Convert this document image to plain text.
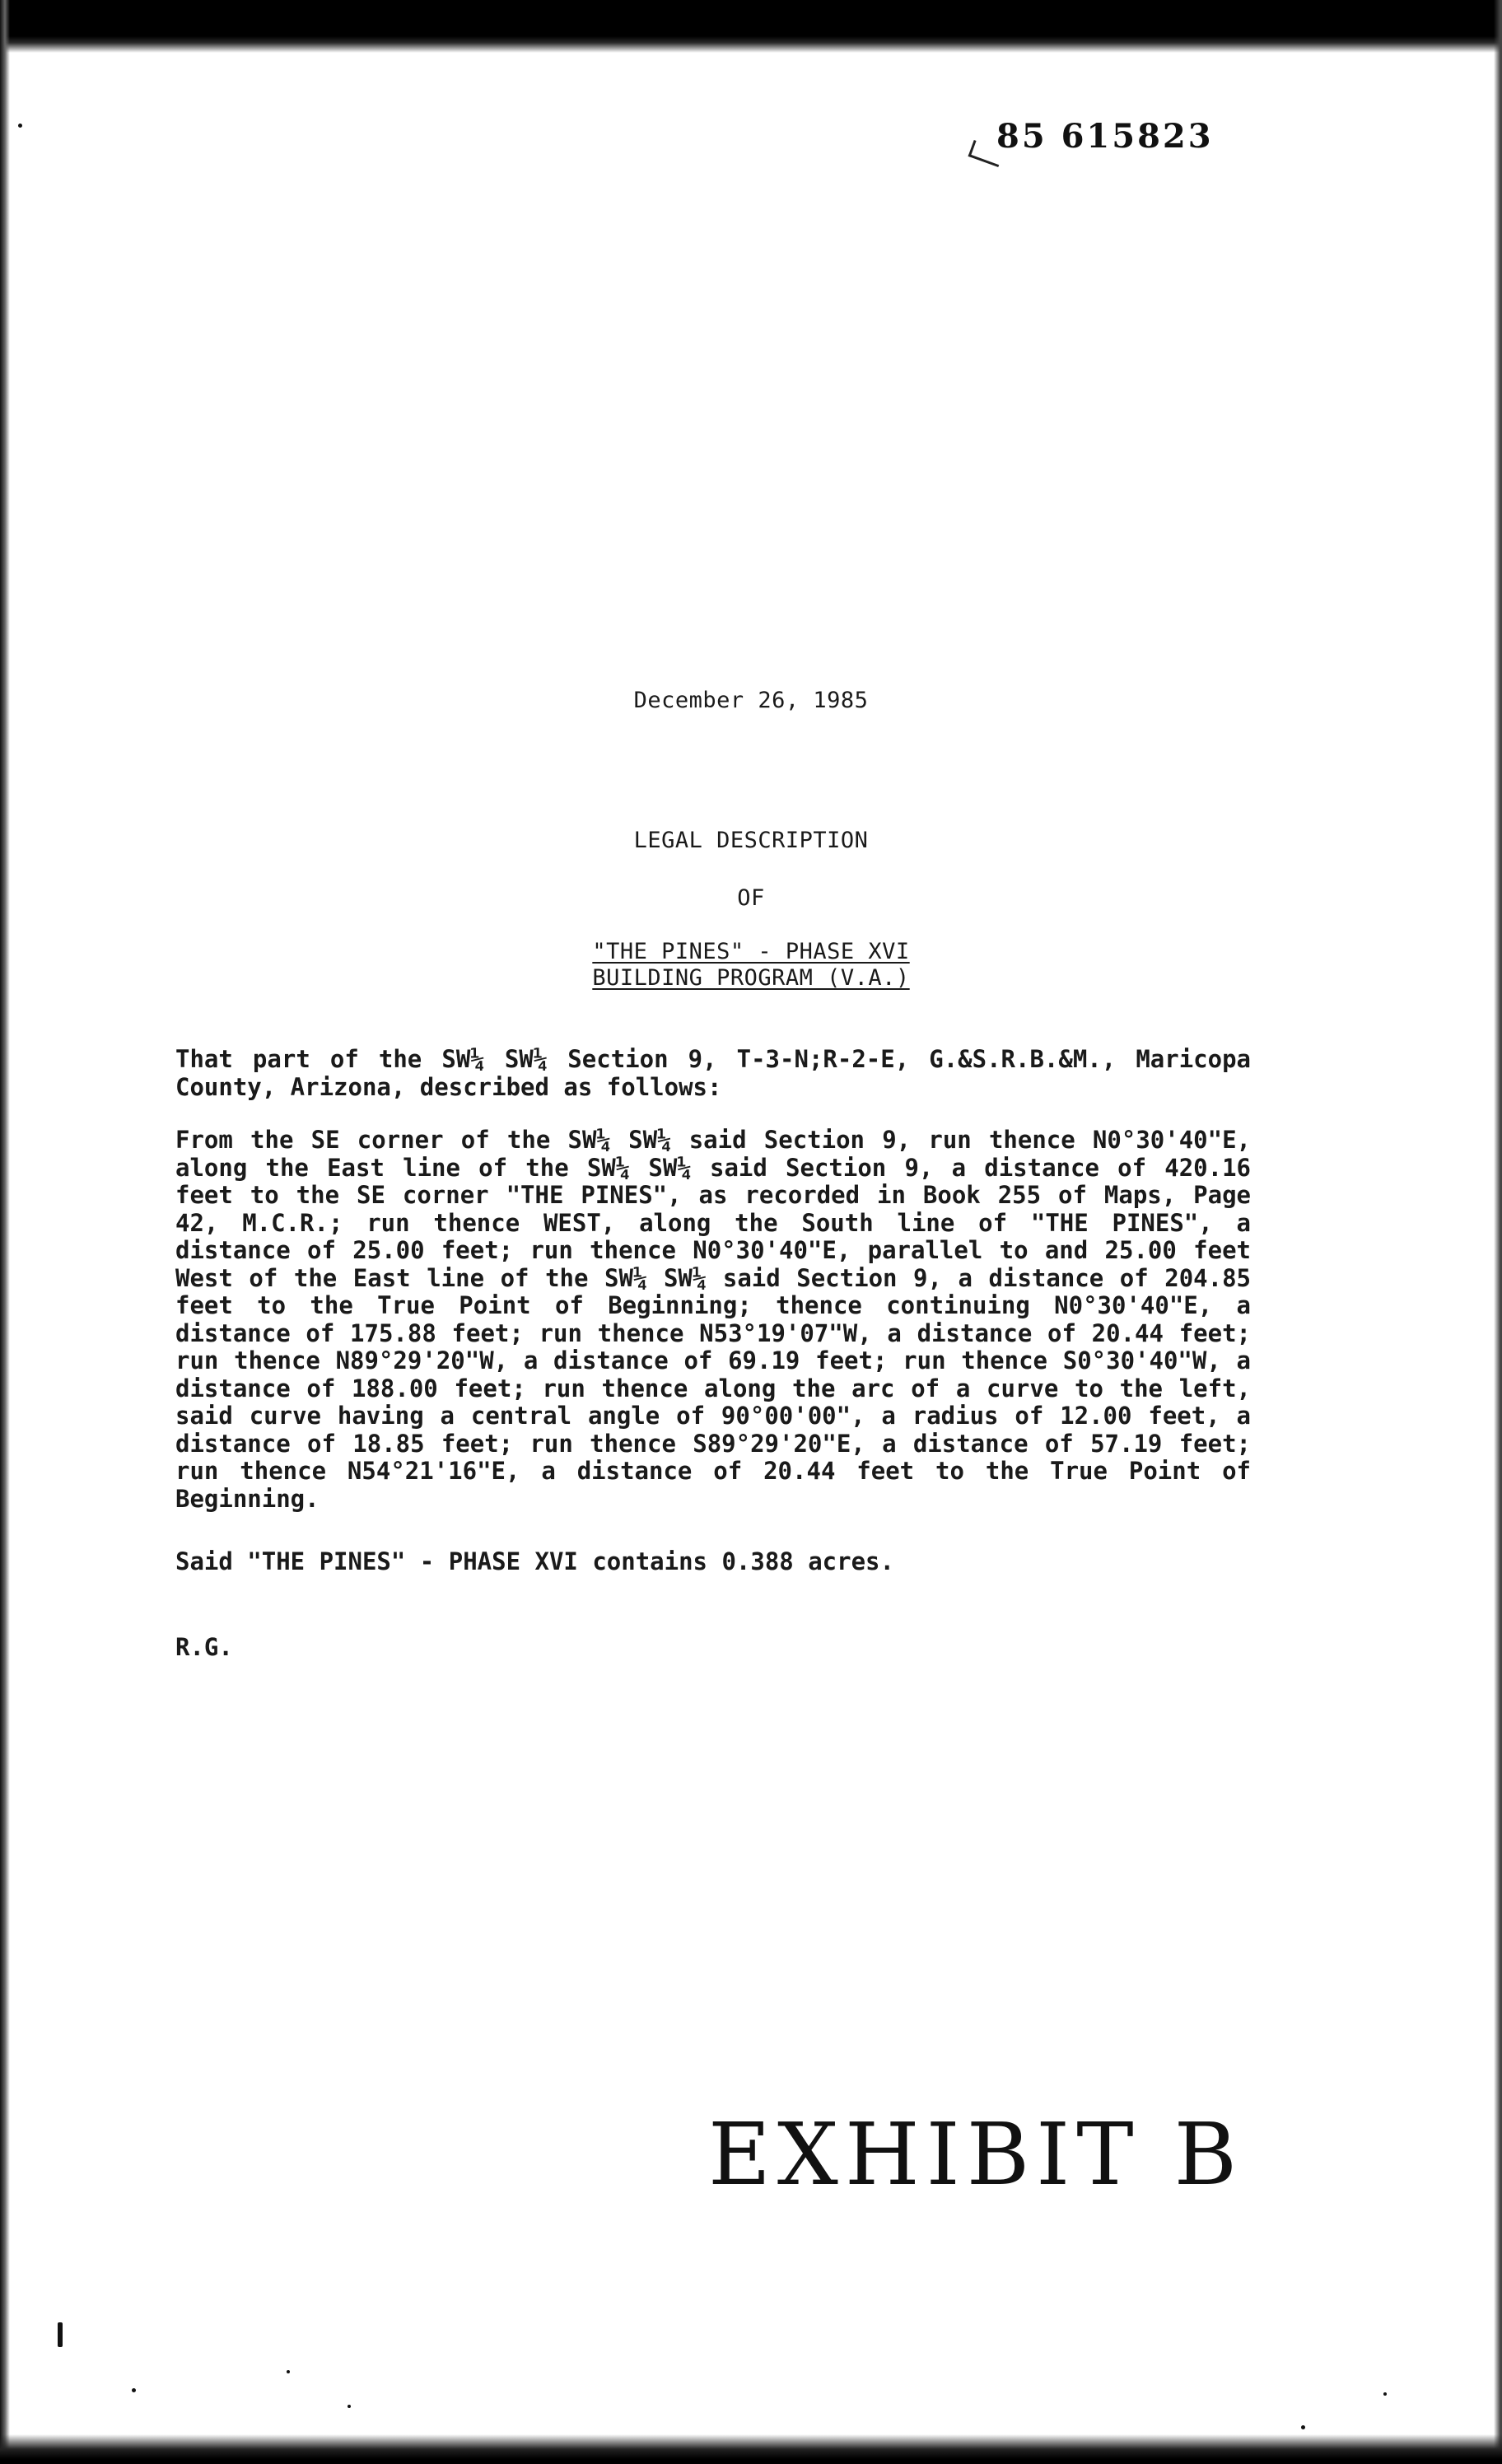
85 615823
December 26, 1985
LEGAL DESCRIPTION
OF
"THE PINES" - PHASE XVI
BUILDING PROGRAM (V.A.)
That part of the SW¼ SW¼ Section 9, T-3-N;R-2-E, G.&S.R.B.&M., Maricopa County, Arizona, described as follows:
From the SE corner of the SW¼ SW¼ said Section 9, run thence N0°30'40"E, along the East line of the SW¼ SW¼ said Section 9, a distance of 420.16 feet to the SE corner "THE PINES", as recorded in Book 255 of Maps, Page 42, M.C.R.; run thence WEST, along the South line of "THE PINES", a distance of 25.00 feet; run thence N0°30'40"E, parallel to and 25.00 feet West of the East line of the SW¼ SW¼ said Section 9, a distance of 204.85 feet to the True Point of Beginning; thence continuing N0°30'40"E, a distance of 175.88 feet; run thence N53°19'07"W, a distance of 20.44 feet; run thence N89°29'20"W, a distance of 69.19 feet; run thence S0°30'40"W, a distance of 188.00 feet; run thence along the arc of a curve to the left, said curve having a central angle of 90°00'00", a radius of 12.00 feet, a distance of 18.85 feet; run thence S89°29'20"E, a distance of 57.19 feet; run thence N54°21'16"E, a distance of 20.44 feet to the True Point of Beginning.
Said "THE PINES" - PHASE XVI contains 0.388 acres.
R.G.
EXHIBIT B
